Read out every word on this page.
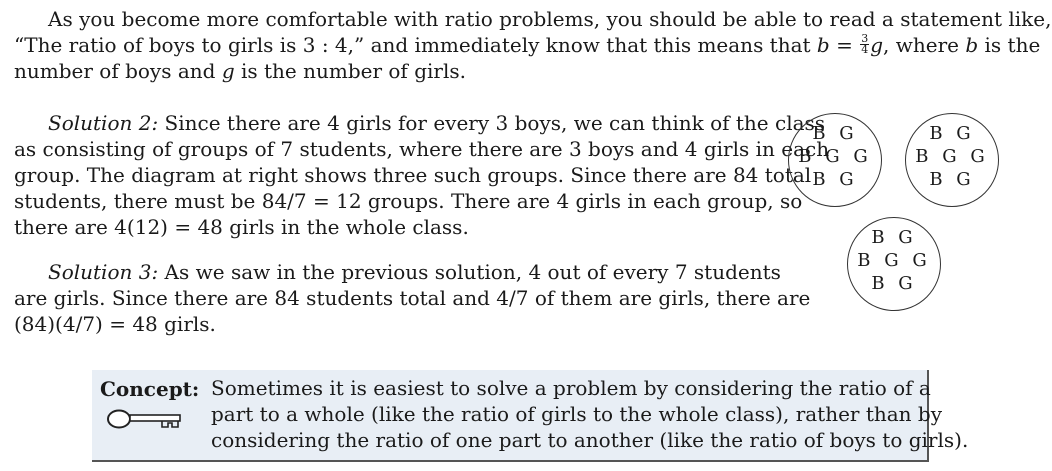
As you become more comfortable with ratio problems, you should be able to read a statement like,
“The ratio of boys to girls is 3 : 4,” and immediately know that this means that $b = \frac{3}{4} g$, where b is the
number of boys and g is the number of girls.
Solution 2: Since there are 4 girls for every 3 boys, we can think of the class
as consisting of groups of 7 students, where there are 3 boys and 4 girls in each
group. The diagram at right shows three such groups. Since there are 84 total
students, there must be 84/7 = 12 groups. There are 4 girls in each group, so
there are 4(12) = 48 girls in the whole class.
Solution 3: As we saw in the previous solution, 4 out of every 7 students
are girls. Since there are 84 students total and 4/7 of them are girls, there are
(84)(4/7) = 48 girls.
B G
B G G
B G
B G
B G G
B G
B G
B G G
B G
Concept: Sometimes it is easiest to solve a problem by considering the ratio of a
part to a whole (like the ratio of girls to the whole class), rather than by
considering the ratio of one part to another (like the ratio of boys to girls).
